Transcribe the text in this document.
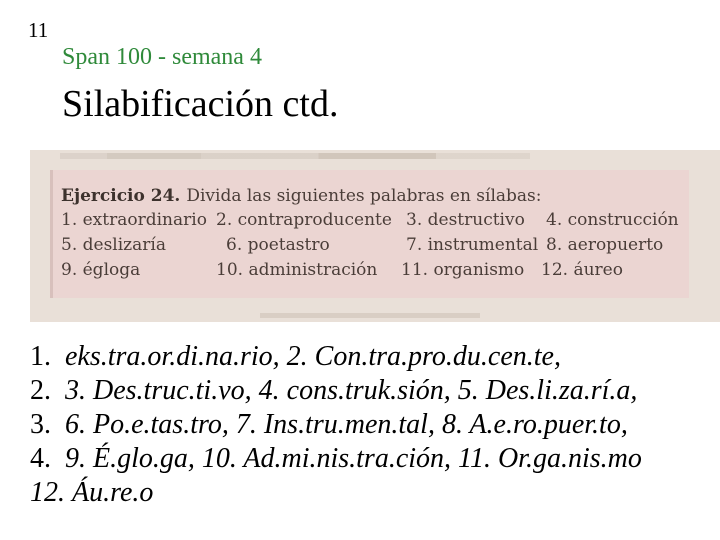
11
Span 100 - semana 4
Silabificación ctd.
Ejercicio 24. Divida las siguientes palabras en sílabas:
1. extraordinario 2. contraproducente 3. destructivo 4. construcción
5. deslizaría	6. poetastro	7. instrumental 8. aeropuerto
9. égloga	10. administración 11. organismo 12. áureo
1. eks.tra.or.di.na.rio, 2. Con.tra.pro.du.cen.te,
2. 3. Des.truc.ti.vo, 4. cons.truk.sión, 5. Des.li.za.rí.a,
3. 6. Po.e.tas.tro, 7. Ins.tru.men.tal, 8. A.e.ro.puer.to,
4. 9. É.glo.ga, 10. Ad.mi.nis.tra.ción, 11. Or.ga.nis.mo
12. Áu.re.o
